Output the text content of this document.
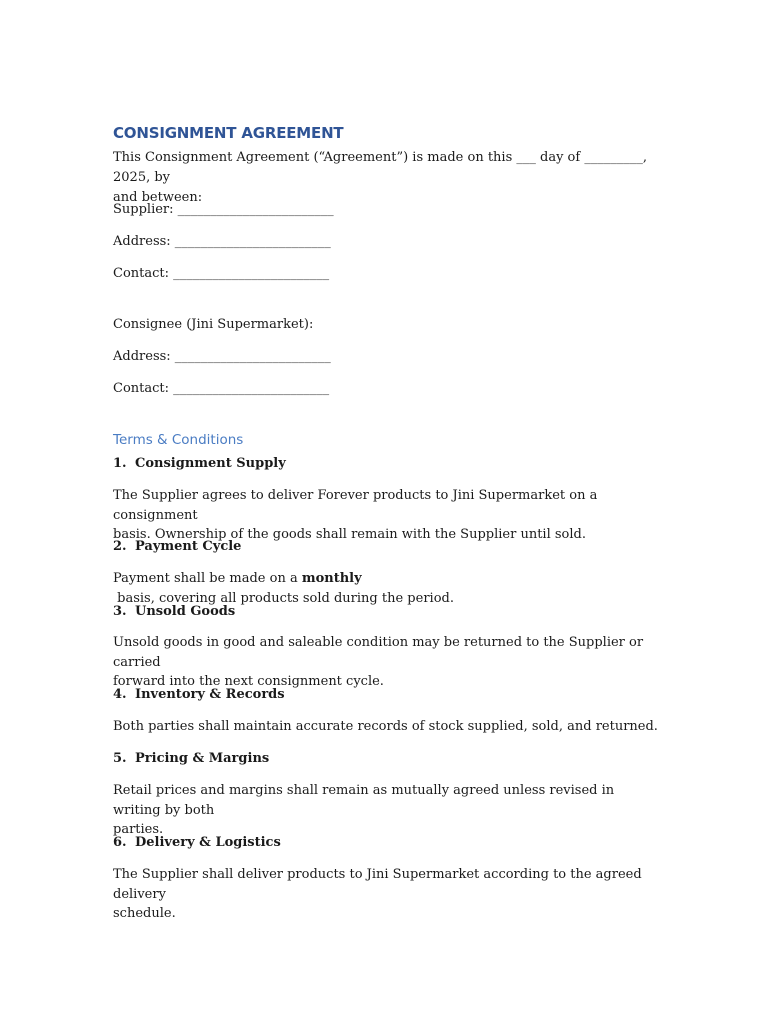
CONSIGNMENT AGREEMENT
This Consignment Agreement (“Agreement”) is made on this ___ day of _________, 2025, by
and between:
Supplier: ________________________
Address: ________________________
Contact: ________________________
Consignee (Jini Supermarket):
Address: ________________________
Contact: ________________________
Terms & Conditions
1. Consignment Supply
The Supplier agrees to deliver Forever products to Jini Supermarket on a consignment
basis. Ownership of the goods shall remain with the Supplier until sold.
2. Payment Cycle
Payment shall be made on a monthly basis, covering all products sold during the period.
3. Unsold Goods
Unsold goods in good and saleable condition may be returned to the Supplier or carried
forward into the next consignment cycle.
4. Inventory & Records
Both parties shall maintain accurate records of stock supplied, sold, and returned.
5. Pricing & Margins
Retail prices and margins shall remain as mutually agreed unless revised in writing by both
parties.
6. Delivery & Logistics
The Supplier shall deliver products to Jini Supermarket according to the agreed delivery
schedule.
